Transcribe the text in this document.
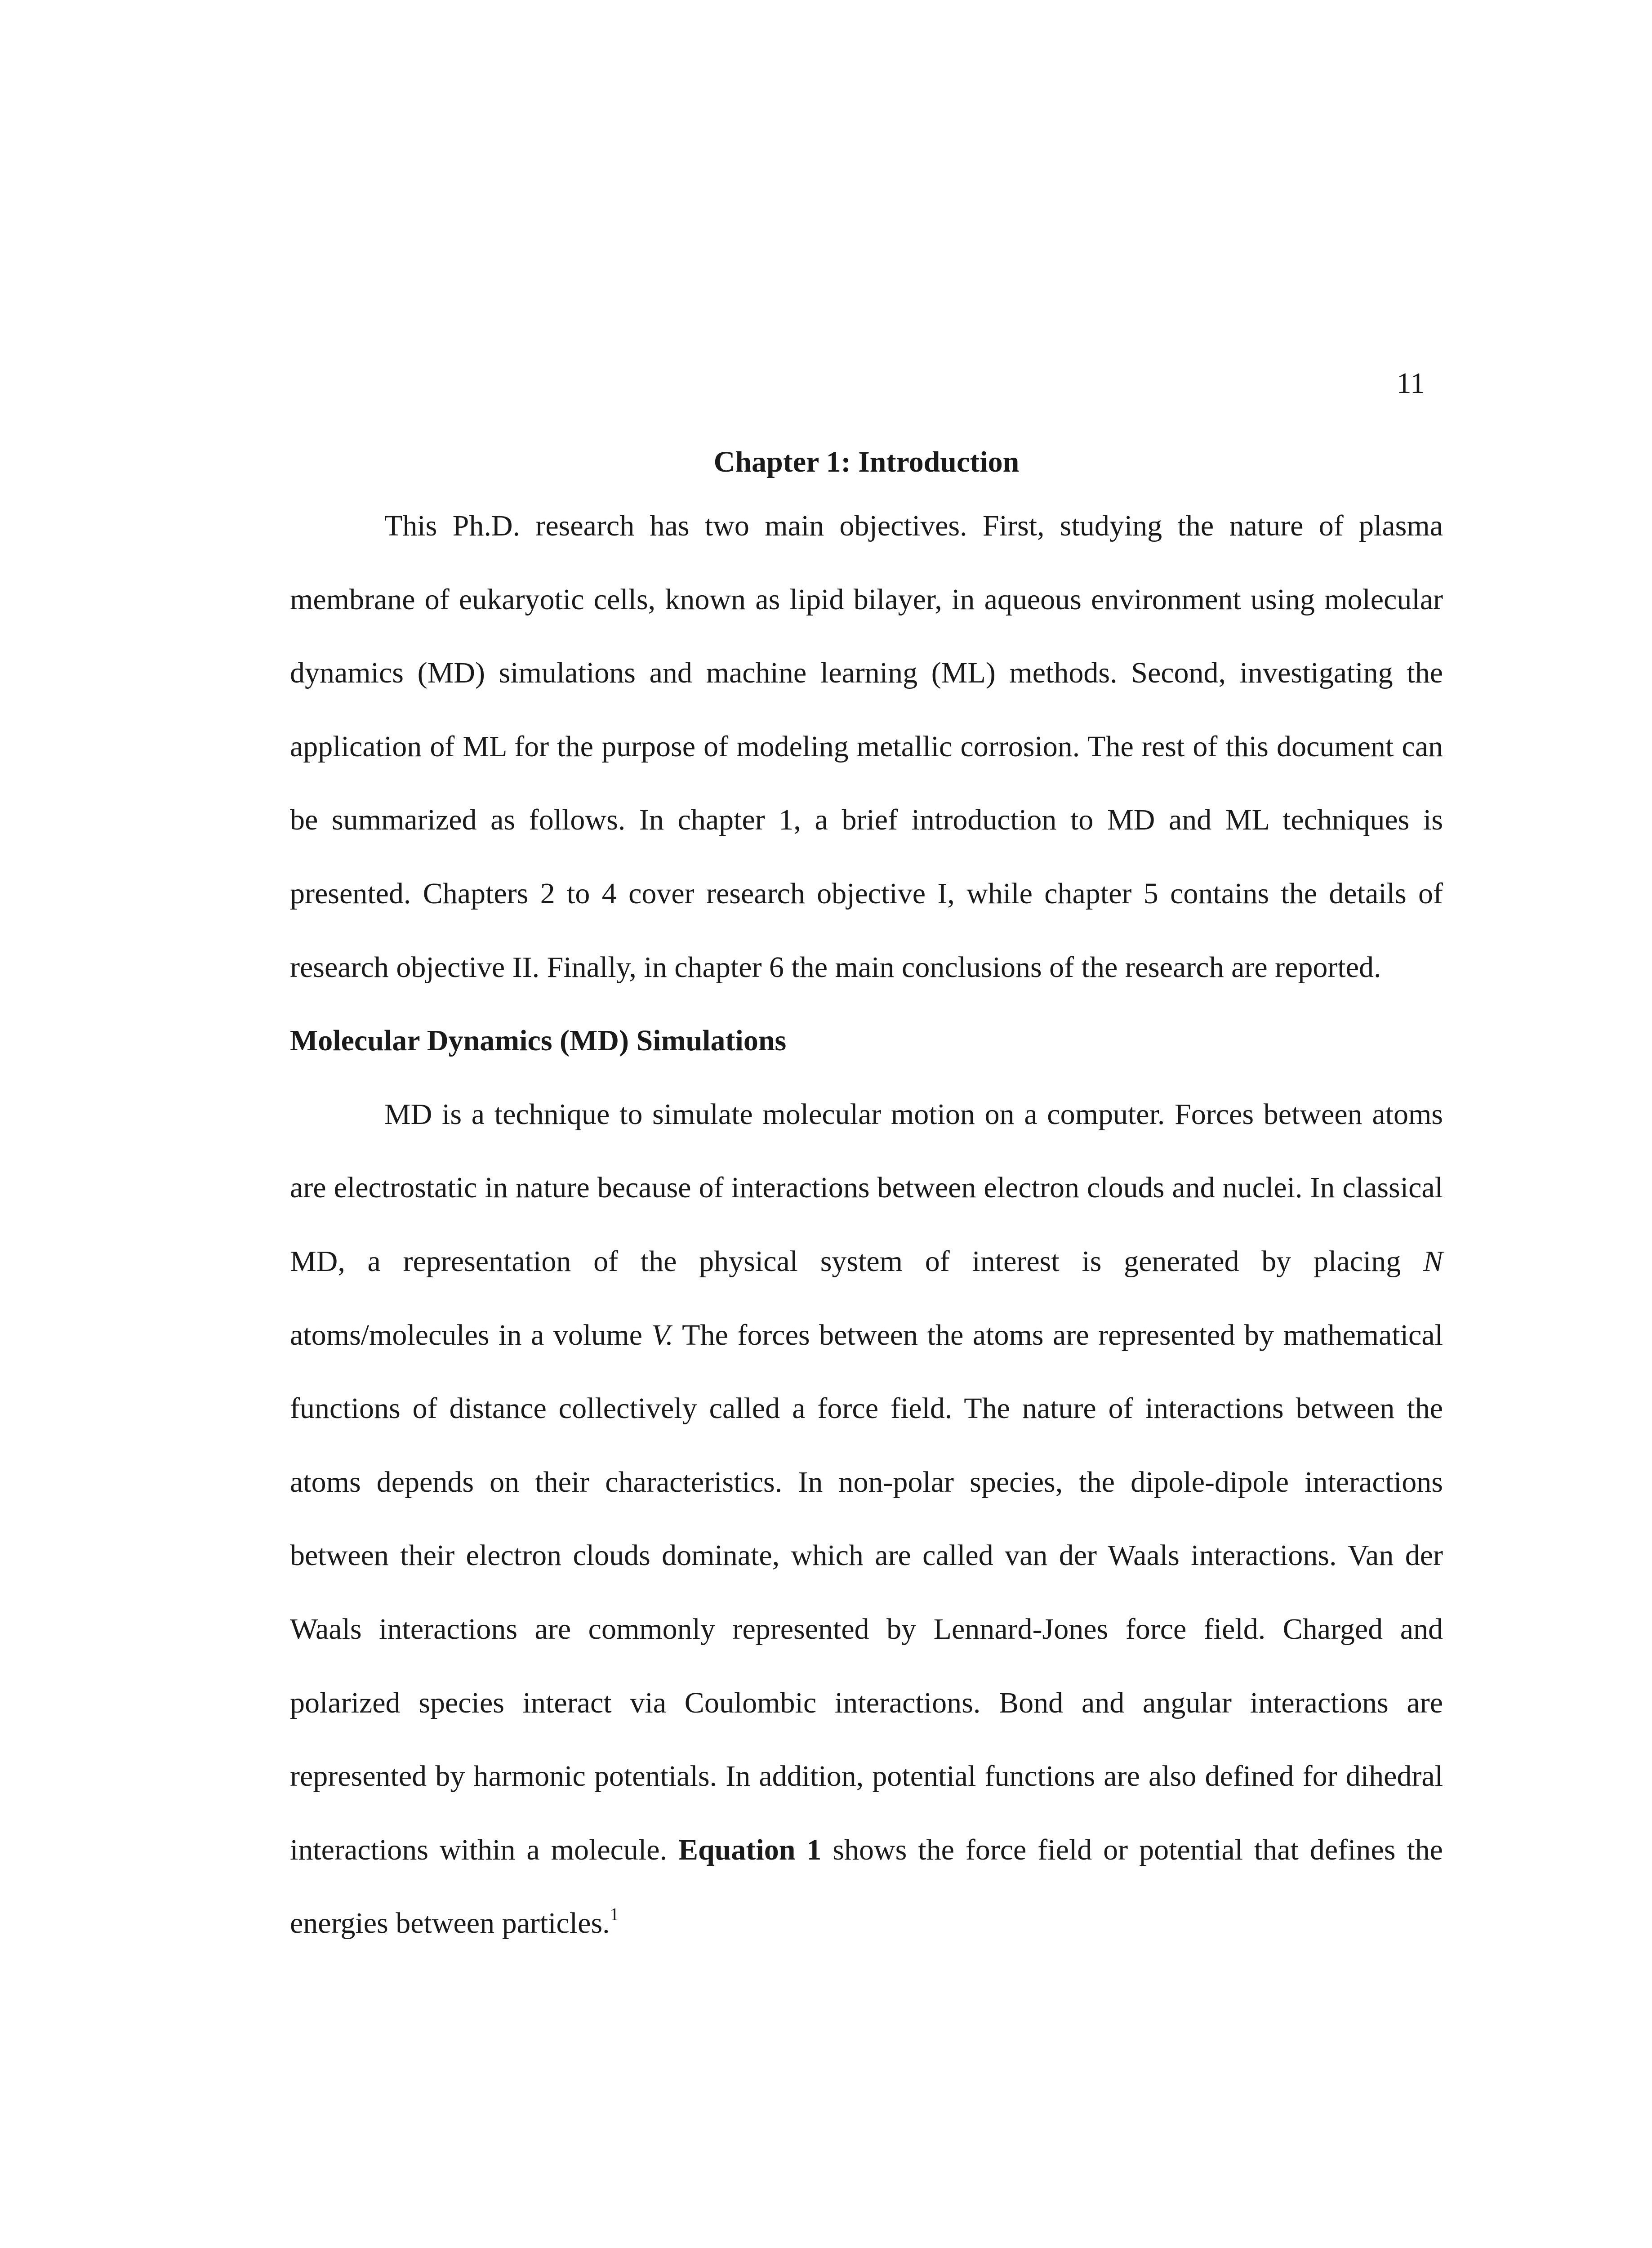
11
Chapter 1: Introduction

This Ph.D. research has two main objectives. First, studying the nature of plasma membrane of eukaryotic cells, known as lipid bilayer, in aqueous environment using molecular dynamics (MD) simulations and machine learning (ML) methods. Second, investigating the application of ML for the purpose of modeling metallic corrosion. The rest of this document can be summarized as follows. In chapter 1, a brief introduction to MD and ML techniques is presented. Chapters 2 to 4 cover research objective I, while chapter 5 contains the details of research objective II. Finally, in chapter 6 the main conclusions of the research are reported.

Molecular Dynamics (MD) Simulations

MD is a technique to simulate molecular motion on a computer. Forces between atoms are electrostatic in nature because of interactions between electron clouds and nuclei. In classical MD, a representation of the physical system of interest is generated by placing N atoms/molecules in a volume V. The forces between the atoms are represented by mathematical functions of distance collectively called a force field. The nature of interactions between the atoms depends on their characteristics. In non-polar species, the dipole-dipole interactions between their electron clouds dominate, which are called van der Waals interactions. Van der Waals interactions are commonly represented by Lennard-Jones force field. Charged and polarized species interact via Coulombic interactions. Bond and angular interactions are represented by harmonic potentials. In addition, potential functions are also defined for dihedral interactions within a molecule. Equation 1 shows the force field or potential that defines the energies between particles.$^1$
